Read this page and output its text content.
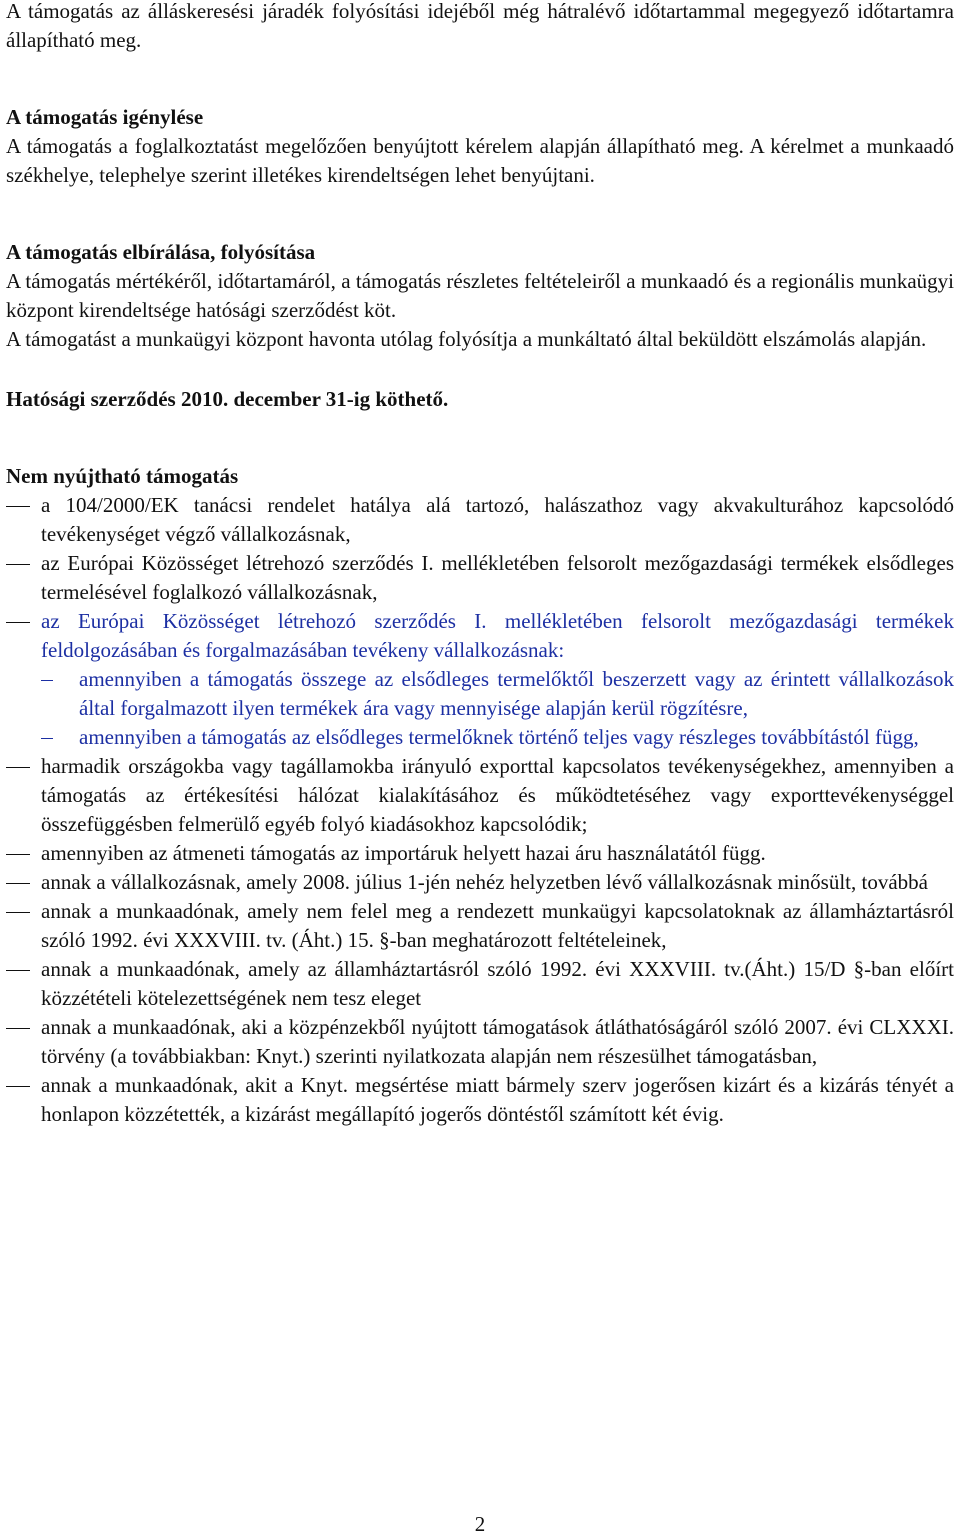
A támogatás az álláskeresési járadék folyósítási idejéből még hátralévő időtartammal megegyező időtartamra állapítható meg.

A támogatás igénylése

A támogatás a foglalkoztatást megelőzően benyújtott kérelem alapján állapítható meg. A kérelmet a munkaadó székhelye, telephelye szerint illetékes kirendeltségen lehet benyújtani.

A támogatás elbírálása, folyósítása

A támogatás mértékéről, időtartamáról, a támogatás részletes feltételeiről a munkaadó és a regionális munkaügyi központ kirendeltsége hatósági szerződést köt.

A támogatást a munkaügyi központ havonta utólag folyósítja a munkáltató által beküldött elszámolás alapján.

Hatósági szerződés 2010. december 31-ig köthető.

Nem nyújtható támogatás

a 104/2000/EK tanácsi rendelet hatálya alá tartozó, halászathoz vagy akvakulturához kapcsolódó tevékenységet végző vállalkozásnak,
az Európai Közösséget létrehozó szerződés I. mellékletében felsorolt mezőgazdasági termékek elsődleges termelésével foglalkozó vállalkozásnak,
az Európai Közösséget létrehozó szerződés I. mellékletében felsorolt mezőgazdasági termékek feldolgozásában és forgalmazásában tevékeny vállalkozásnak:
amennyiben a támogatás összege az elsődleges termelőktől beszerzett vagy az érintett vállalkozások által forgalmazott ilyen termékek ára vagy mennyisége alapján kerül rögzítésre,
amennyiben a támogatás az elsődleges termelőknek történő teljes vagy részleges továbbítástól függ,
harmadik országokba vagy tagállamokba irányuló exporttal kapcsolatos tevékenységekhez, amennyiben a támogatás az értékesítési hálózat kialakításához és működtetéséhez vagy exporttevékenységgel összefüggésben felmerülő egyéb folyó kiadásokhoz kapcsolódik;
amennyiben az átmeneti támogatás az importáruk helyett hazai áru használatától függ.
annak a vállalkozásnak, amely 2008. július 1-jén nehéz helyzetben lévő vállalkozásnak minősült, továbbá
annak a munkaadónak, amely nem felel meg a rendezett munkaügyi kapcsolatoknak az államháztartásról szóló 1992. évi XXXVIII. tv. (Áht.) 15. §-ban meghatározott feltételeinek,
annak a munkaadónak, amely az államháztartásról szóló 1992. évi XXXVIII. tv.(Áht.) 15/D §-ban előírt közzétételi kötelezettségének nem tesz eleget
annak a munkaadónak, aki a közpénzekből nyújtott támogatások átláthatóságáról szóló 2007. évi CLXXXI. törvény (a továbbiakban: Knyt.) szerinti nyilatkozata alapján nem részesülhet támogatásban,
annak a munkaadónak, akit a Knyt. megsértése miatt bármely szerv jogerősen kizárt és a kizárás tényét a honlapon közzétették, a kizárást megállapító jogerős döntéstől számított két évig.
2
